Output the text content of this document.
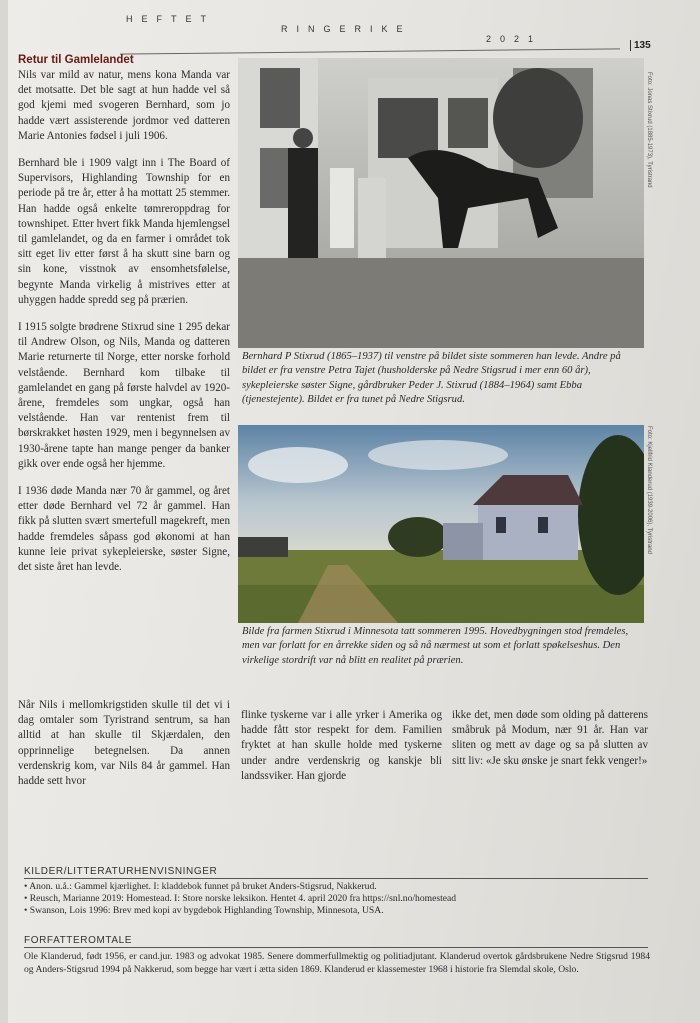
HEFTET
RINGERIKE
2021
135
Retur til Gamlelandet

Nils var mild av natur, mens kona Manda var det motsatte. Det ble sagt at hun hadde vel så god kjemi med svogeren Bernhard, som jo hadde vært assisterende jordmor ved datteren Marie Antonies fødsel i juli 1906.

Bernhard ble i 1909 valgt inn i The Board of Supervisors, Highlanding Township for en periode på tre år, etter å ha mottatt 25 stemmer. Han hadde også enkelte tømreroppdrag for townshipet. Etter hvert fikk Manda hjemlengsel til gamlelandet, og da en farmer i området tok sitt eget liv etter først å ha skutt sine barn og sin kone, visstnok av ensomhetsfølelse, begynte Manda virkelig å mistrives etter at uhyggen hadde spredd seg på prærien.

I 1915 solgte brødrene Stixrud sine 1 295 dekar til Andrew Olson, og Nils, Manda og datteren Marie returnerte til Norge, etter norske forhold velstående. Bernhard kom tilbake til gamlelandet en gang på første halvdel av 1920-årene, fremdeles som ungkar, også han velstående. Han var rentenist frem til børskrakket høsten 1929, men i begynnelsen av 1930-årene tapte han mange penger da banker gikk over ende også her hjemme.

I 1936 døde Manda nær 70 år gammel, og året etter døde Bernhard vel 72 år gammel. Han fikk på slutten svært smertefull magekreft, men hadde fremdeles såpass god økonomi at han kunne leie privat sykepleierske, søster Signe, det siste året han levde.

Foto: Jonas Stixrud (1885-1973), Tyristrand
Bernhard P Stixrud (1865–1937) til venstre på bildet siste sommeren han levde. Andre på bildet er fra venstre Petra Tajet (husholderske på Nedre Stigsrud i mer enn 60 år), sykepleierske søster Signe, gårdbruker Peder J. Stixrud (1884–1964) samt Ebba (tjenestejente). Bildet er fra tunet på Nedre Stigsrud.
Foto: Kjellfrid Klanderud (1939-2006), Tyristrand
Bilde fra farmen Stixrud i Minnesota tatt sommeren 1995. Hovedbygningen stod fremdeles, men var forlatt for en årrekke siden og så nå nærmest ut som et forlatt spøkelseshus. Den virkelige stordrift var nå blitt en realitet på prærien.

Når Nils i mellomkrigstiden skulle til det vi i dag omtaler som Tyristrand sentrum, sa han alltid at han skulle til Skjærdalen, den opprinnelige betegnelsen. Da annen verdenskrig kom, var Nils 84 år gammel. Han hadde sett hvor

flinke tyskerne var i alle yrker i Amerika og hadde fått stor respekt for dem. Familien fryktet at han skulle holde med tyskerne under andre verdenskrig og kanskje bli landssviker. Han gjorde

ikke det, men døde som olding på datterens småbruk på Modum, nær 91 år. Han var sliten og mett av dage og sa på slutten av sitt liv: «Je sku ønske je snart fekk venger!»

KILDER/LITTERATURHENVISNINGER
• Anon. u.å.: Gammel kjærlighet. I: kladdebok funnet på bruket Anders-Stigsrud, Nakkerud.
• Reusch, Marianne 2019: Homestead. I: Store norske leksikon. Hentet 4. april 2020 fra https://snl.no/homestead
• Swanson, Lois 1996: Brev med kopi av bygdebok Highlanding Township, Minnesota, USA.
FORFATTEROMTALE
Ole Klanderud, født 1956, er cand.jur. 1983 og advokat 1985. Senere dommerfullmektig og politiadjutant. Klanderud overtok gårdsbrukene Nedre Stigsrud 1984 og Anders-Stigsrud 1994 på Nakkerud, som begge har vært i ætta siden 1869. Klanderud er klassemester 1968 i historie fra Slemdal skole, Oslo.
